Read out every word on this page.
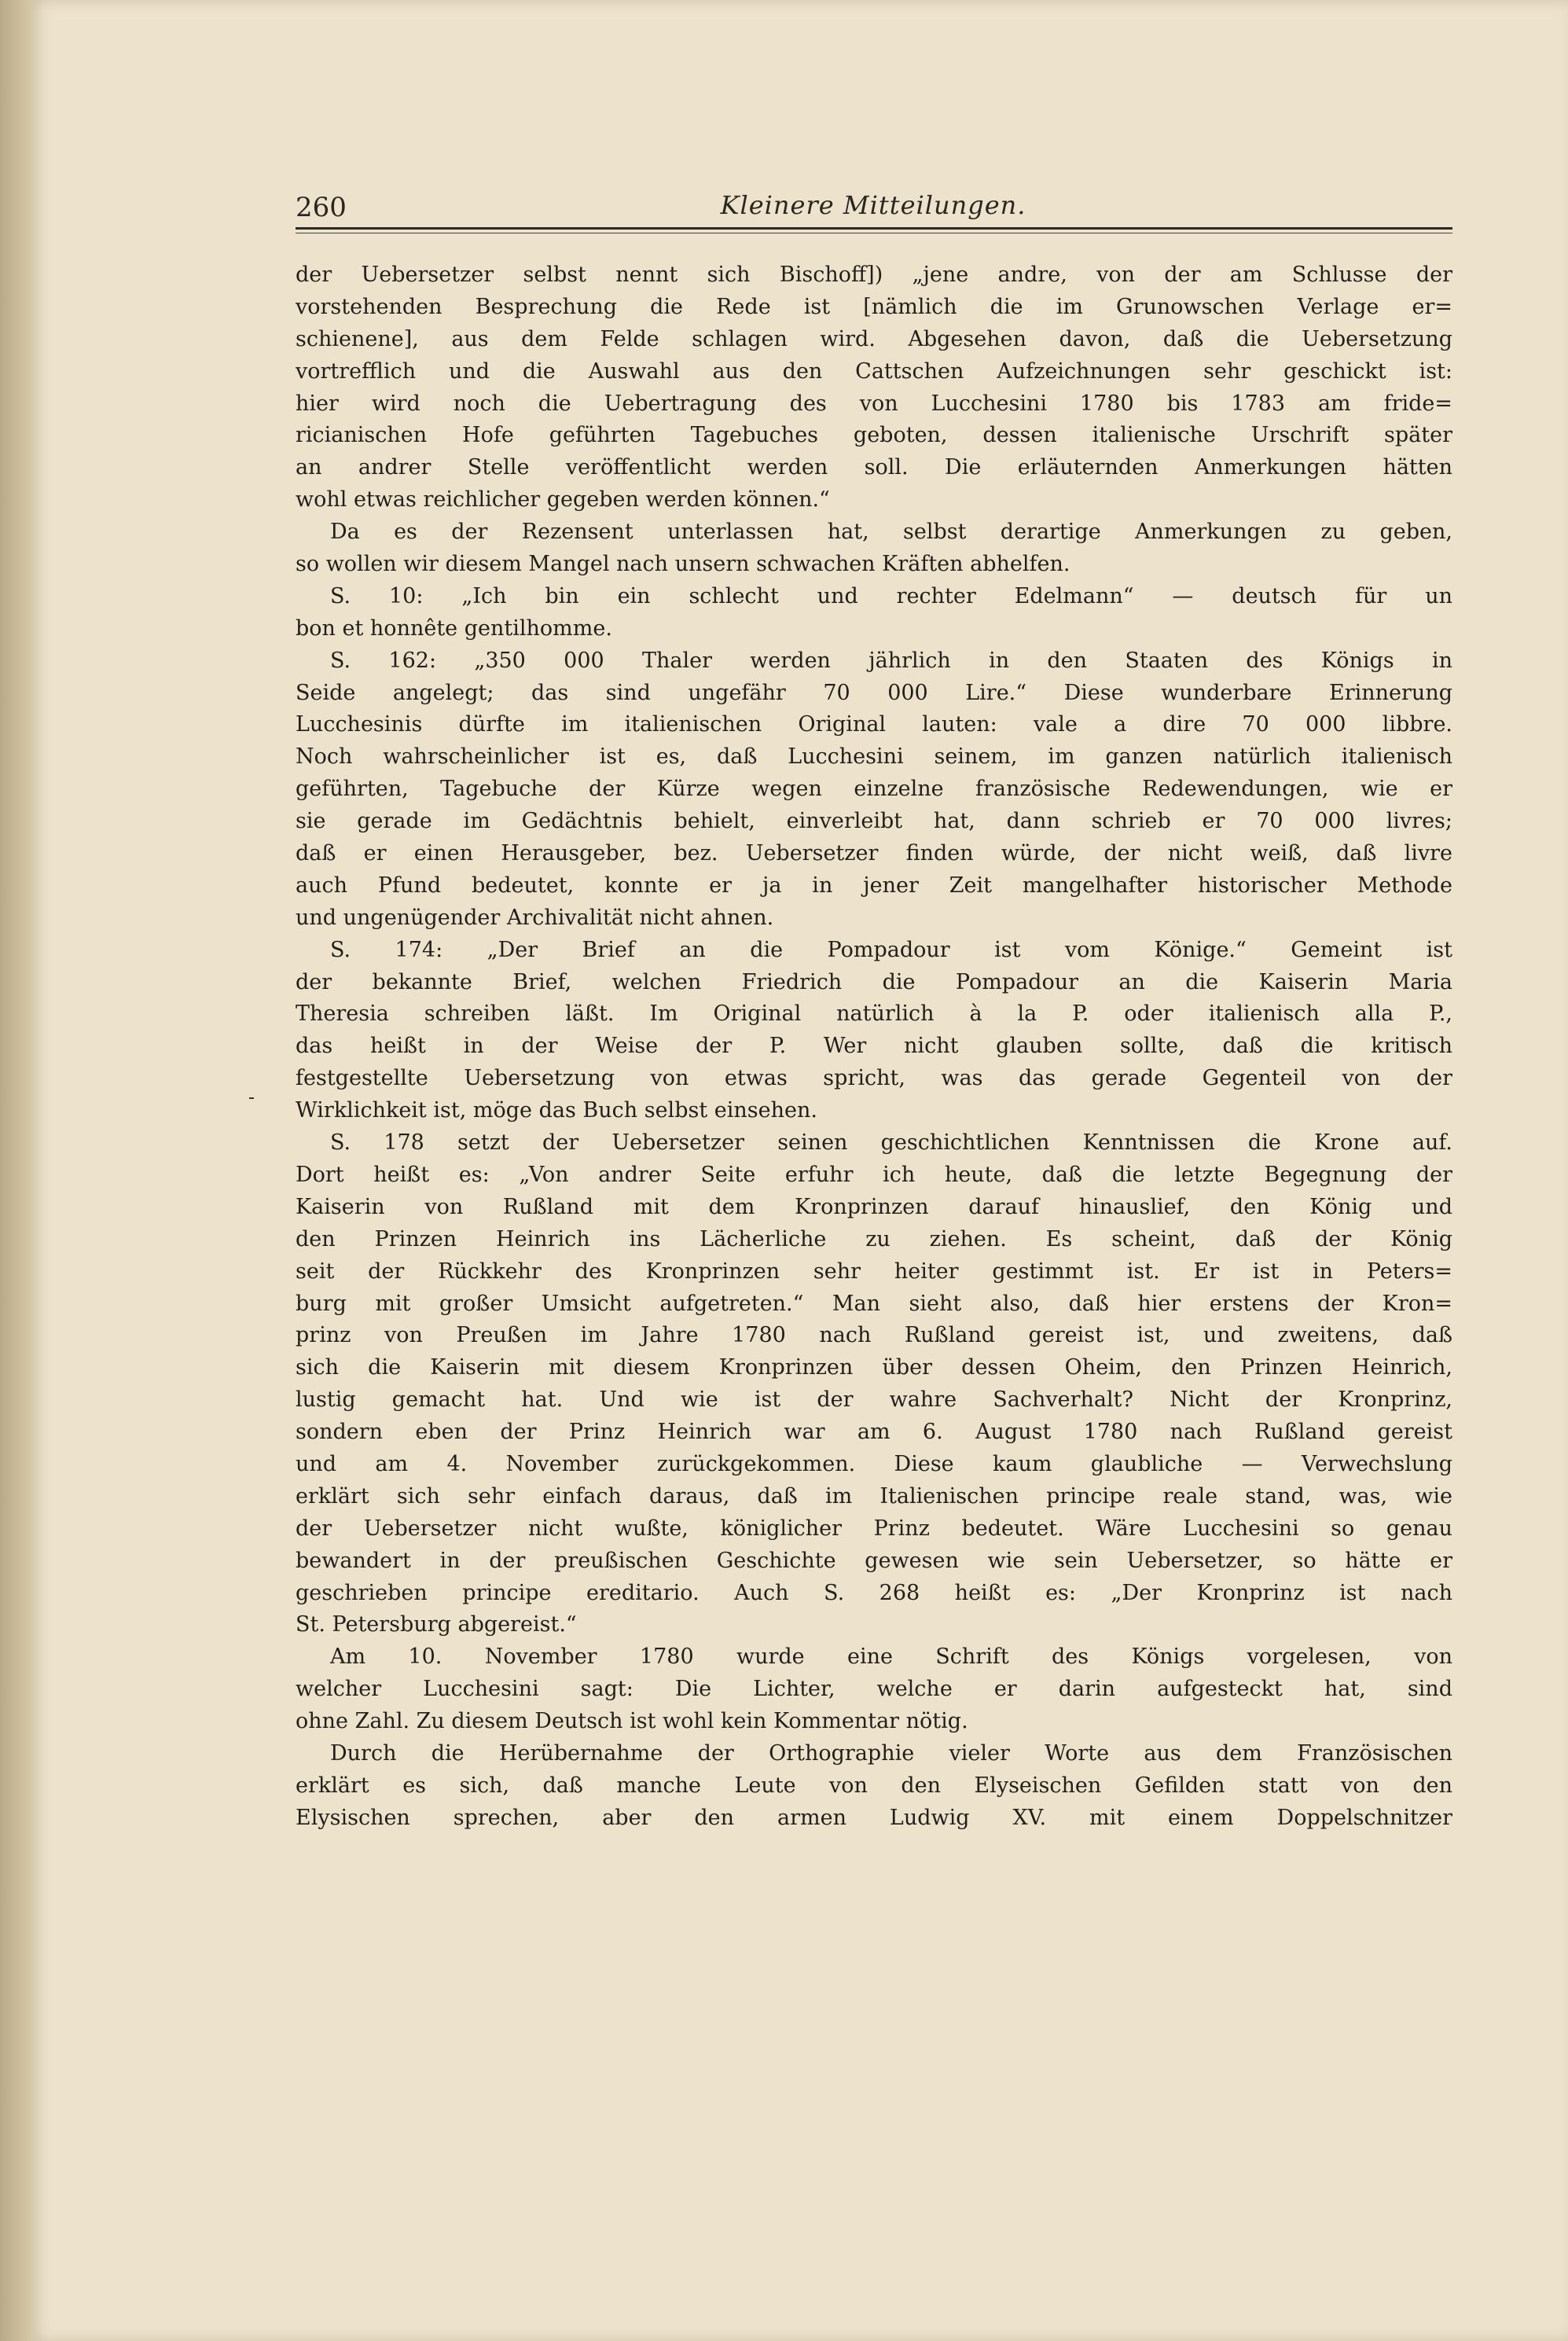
260	Kleinere Mitteilungen.
der Uebersetzer selbst nennt sich Bischoff]) „jene andre, von der am Schlusse der
vorstehenden Besprechung die Rede ist [nämlich die im Grunowschen Verlage er=
schienene], aus dem Felde schlagen wird. Abgesehen davon, daß die Uebersetzung
vortrefflich und die Auswahl aus den Cattschen Aufzeichnungen sehr geschickt ist:
hier wird noch die Uebertragung des von Lucchesini 1780 bis 1783 am fride=
ricianischen Hofe geführten Tagebuches geboten, dessen italienische Urschrift später
an andrer Stelle veröffentlicht werden soll. Die erläuternden Anmerkungen hätten
wohl etwas reichlicher gegeben werden können.“
Da es der Rezensent unterlassen hat, selbst derartige Anmerkungen zu geben,
so wollen wir diesem Mangel nach unsern schwachen Kräften abhelfen.
S. 10: „Ich bin ein schlecht und rechter Edelmann“ — deutsch für un
bon et honnête gentilhomme.
S. 162: „350 000 Thaler werden jährlich in den Staaten des Königs in
Seide angelegt; das sind ungefähr 70 000 Lire.“ Diese wunderbare Erinnerung
Lucchesinis dürfte im italienischen Original lauten: vale a dire 70 000 libbre.
Noch wahrscheinlicher ist es, daß Lucchesini seinem, im ganzen natürlich italienisch
geführten, Tagebuche der Kürze wegen einzelne französische Redewendungen, wie er
sie gerade im Gedächtnis behielt, einverleibt hat, dann schrieb er 70 000 livres;
daß er einen Herausgeber, bez. Uebersetzer finden würde, der nicht weiß, daß livre
auch Pfund bedeutet, konnte er ja in jener Zeit mangelhafter historischer Methode
und ungenügender Archivalität nicht ahnen.
S. 174: „Der Brief an die Pompadour ist vom Könige.“ Gemeint ist
der bekannte Brief, welchen Friedrich die Pompadour an die Kaiserin Maria
Theresia schreiben läßt. Im Original natürlich à la P. oder italienisch alla P.,
das heißt in der Weise der P. Wer nicht glauben sollte, daß die kritisch
festgestellte Uebersetzung von etwas spricht, was das gerade Gegenteil von der
Wirklichkeit ist, möge das Buch selbst einsehen.
S. 178 setzt der Uebersetzer seinen geschichtlichen Kenntnissen die Krone auf.
Dort heißt es: „Von andrer Seite erfuhr ich heute, daß die letzte Begegnung der
Kaiserin von Rußland mit dem Kronprinzen darauf hinauslief, den König und
den Prinzen Heinrich ins Lächerliche zu ziehen. Es scheint, daß der König
seit der Rückkehr des Kronprinzen sehr heiter gestimmt ist. Er ist in Peters=
burg mit großer Umsicht aufgetreten.“ Man sieht also, daß hier erstens der Kron=
prinz von Preußen im Jahre 1780 nach Rußland gereist ist, und zweitens, daß
sich die Kaiserin mit diesem Kronprinzen über dessen Oheim, den Prinzen Heinrich,
lustig gemacht hat. Und wie ist der wahre Sachverhalt? Nicht der Kronprinz,
sondern eben der Prinz Heinrich war am 6. August 1780 nach Rußland gereist
und am 4. November zurückgekommen. Diese kaum glaubliche — Verwechslung
erklärt sich sehr einfach daraus, daß im Italienischen principe reale stand, was, wie
der Uebersetzer nicht wußte, königlicher Prinz bedeutet. Wäre Lucchesini so genau
bewandert in der preußischen Geschichte gewesen wie sein Uebersetzer, so hätte er
geschrieben principe ereditario. Auch S. 268 heißt es: „Der Kronprinz ist nach
St. Petersburg abgereist.“
Am 10. November 1780 wurde eine Schrift des Königs vorgelesen, von
welcher Lucchesini sagt: Die Lichter, welche er darin aufgesteckt hat, sind
ohne Zahl. Zu diesem Deutsch ist wohl kein Kommentar nötig.
Durch die Herübernahme der Orthographie vieler Worte aus dem Französischen
erklärt es sich, daß manche Leute von den Elyseischen Gefilden statt von den
Elysischen sprechen, aber den armen Ludwig XV. mit einem Doppelschnitzer
